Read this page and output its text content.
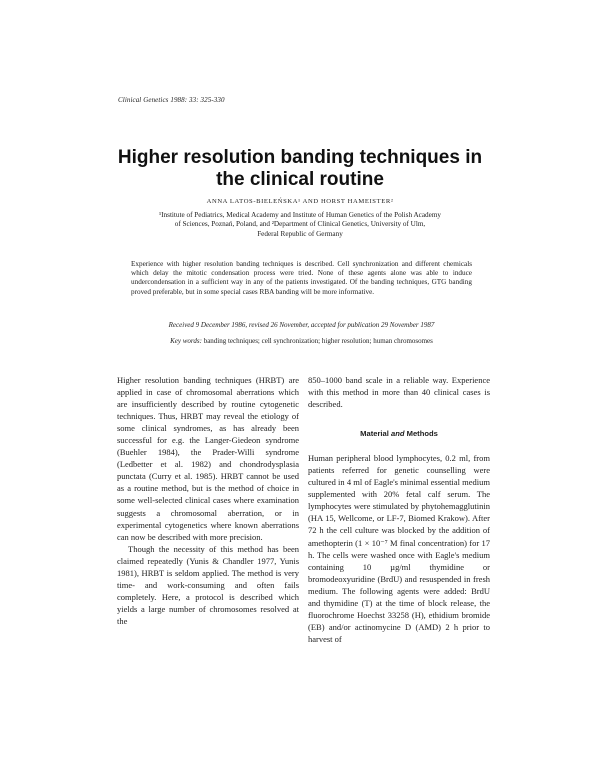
Clinical Genetics 1988: 33: 325-330
Higher resolution banding techniques in
the clinical routine
ANNA LATOS-BIELEŃSKA¹ AND HORST HAMEISTER²
¹Institute of Pediatrics, Medical Academy and Institute of Human Genetics of the Polish Academy
of Sciences, Poznań, Poland, and ²Department of Clinical Genetics, University of Ulm,
Federal Republic of Germany
Experience with higher resolution banding techniques is described. Cell synchronization and different chemicals which delay the mitotic condensation process were tried. None of these agents alone was able to induce undercondensation in a sufficient way in any of the patients investigated. Of the banding techniques, GTG banding proved preferable, but in some special cases RBA banding will be more informative.
Received 9 December 1986, revised 26 November, accepted for publication 29 November 1987
Key words: banding techniques; cell synchronization; higher resolution; human chromosomes

Higher resolution banding techniques (HRBT) are applied in case of chromosomal aberrations which are insufficiently described by routine cytogenetic techniques. Thus, HRBT may reveal the etiology of some clinical syndromes, as has already been successful for e.g. the Langer-Giedeon syndrome (Buehler 1984), the Prader-Willi syndrome (Ledbetter et al. 1982) and chondrodysplasia punctata (Curry et al. 1985). HRBT cannot be used as a routine method, but is the method of choice in some well-selected clinical cases where examination suggests a chromosomal aberration, or in experimental cytogenetics where known aberrations can now be described with more precision.

Though the necessity of this method has been claimed repeatedly (Yunis & Chandler 1977, Yunis 1981), HRBT is seldom applied. The method is very time- and work-consuming and often fails completely. Here, a protocol is described which yields a large number of chromosomes resolved at the

850–1000 band scale in a reliable way. Experience with this method in more than 40 clinical cases is described.

Material and Methods

Human peripheral blood lymphocytes, 0.2 ml, from patients referred for genetic counselling were cultured in 4 ml of Eagle's minimal essential medium supplemented with 20% fetal calf serum. The lymphocytes were stimulated by phytohemagglutinin (HA 15, Wellcome, or LF-7, Biomed Krakow). After 72 h the cell culture was blocked by the addition of amethopterin (1 × 10⁻⁷ M final concentration) for 17 h. The cells were washed once with Eagle's medium containing 10 µg/ml thymidine or bromodeoxyuridine (BrdU) and resuspended in fresh medium. The following agents were added: BrdU and thymidine (T) at the time of block release, the fluorochrome Hoechst 33258 (H), ethidium bromide (EB) and/or actinomycine D (AMD) 2 h prior to harvest of
